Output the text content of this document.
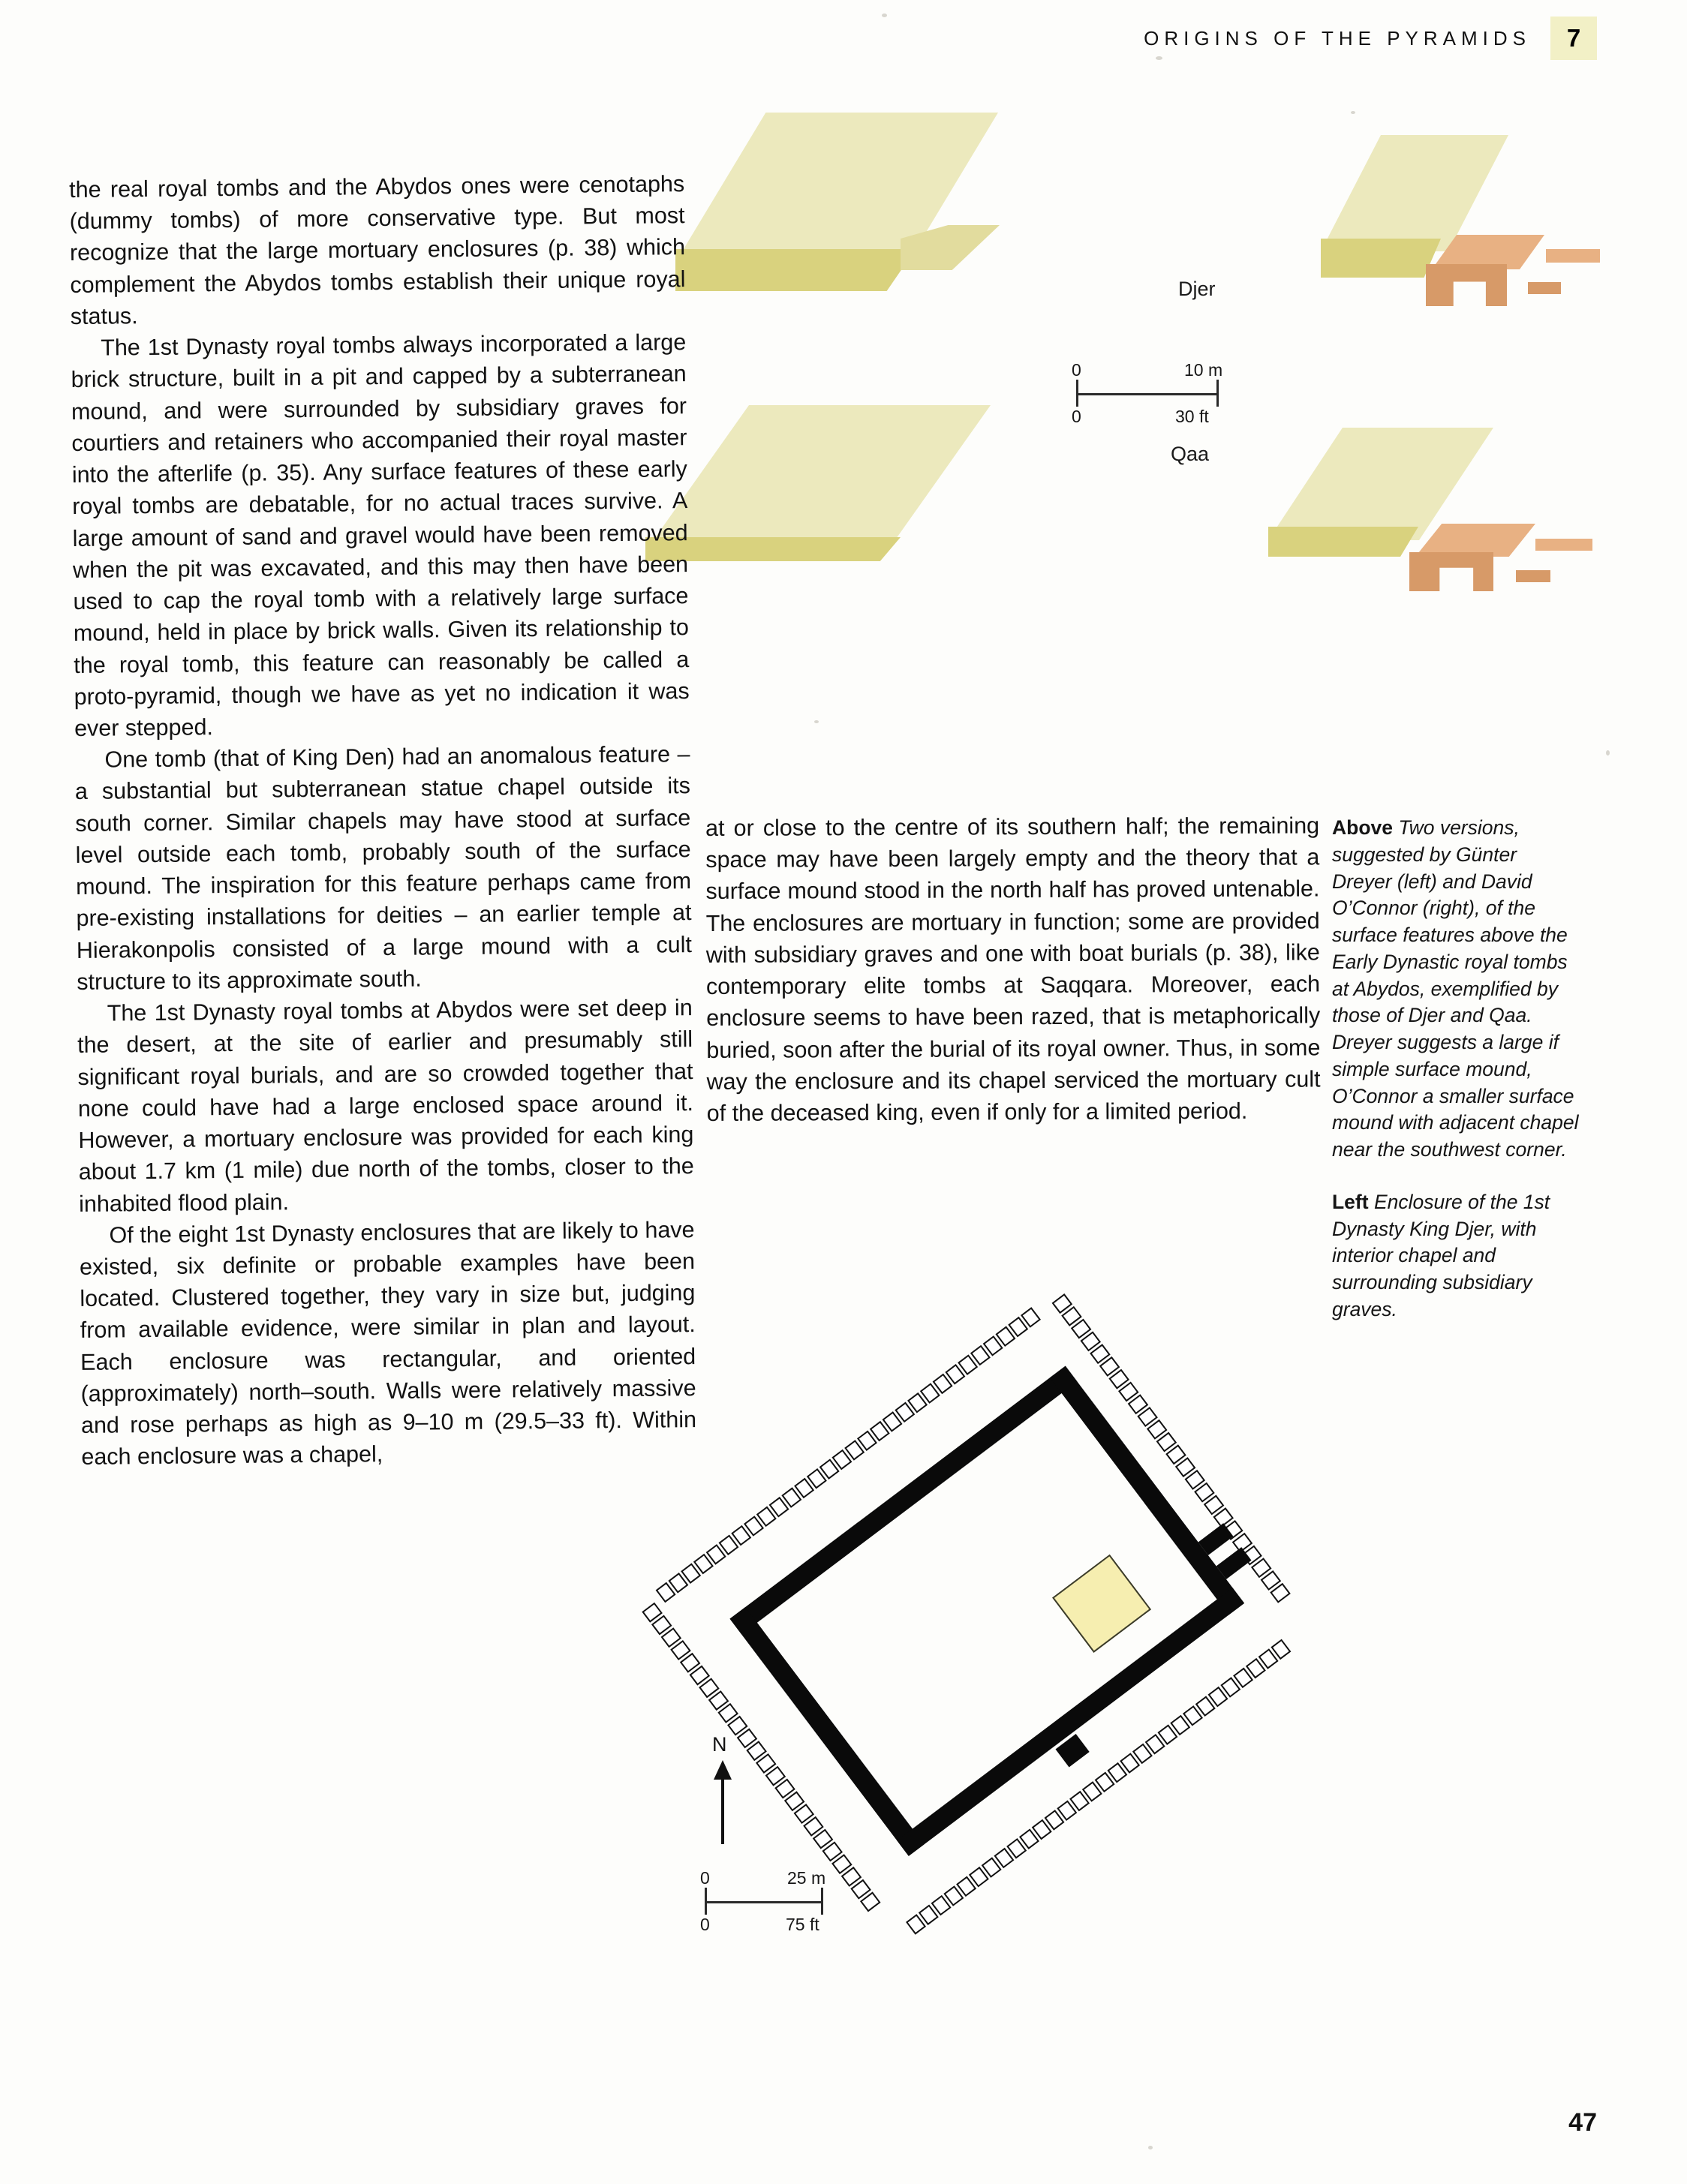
ORIGINS OF THE PYRAMIDS	7
Djer
Qaa
0	10 m
0	30 ft

the real royal tombs and the Abydos ones were cenotaphs (dummy tombs) of more conservative type. But most recognize that the large mortuary enclosures (p. 38) which complement the Abydos tombs establish their unique royal status.

The 1st Dynasty royal tombs always incorporated a large brick structure, built in a pit and capped by a subterranean mound, and were surrounded by subsidiary graves for courtiers and retainers who accompanied their royal master into the afterlife (p. 35). Any surface features of these early royal tombs are debatable, for no actual traces survive. A large amount of sand and gravel would have been removed when the pit was excavated, and this may then have been used to cap the royal tomb with a relatively large surface mound, held in place by brick walls. Given its relationship to the royal tomb, this feature can reasonably be called a proto-pyramid, though we have as yet no indication it was ever stepped.

One tomb (that of King Den) had an anomalous feature – a substantial but subterranean statue chapel outside its south corner. Similar chapels may have stood at surface level outside each tomb, probably south of the surface mound. The inspiration for this feature perhaps came from pre-existing installations for deities – an earlier temple at Hierakonpolis consisted of a large mound with a cult structure to its approximate south.

The 1st Dynasty royal tombs at Abydos were set deep in the desert, at the site of earlier and presumably still significant royal burials, and are so crowded together that none could have had a large enclosed space around it. However, a mortuary enclosure was provided for each king about 1.7 km (1 mile) due north of the tombs, closer to the inhabited flood plain.

Of the eight 1st Dynasty enclosures that are likely to have existed, six definite or probable examples have been located. Clustered together, they vary in size but, judging from available evidence, were similar in plan and layout. Each enclosure was rectangular, and oriented (approximately) north–south. Walls were relatively massive and rose perhaps as high as 9–10 m (29.5–33 ft). Within each enclosure was a chapel,

at or close to the centre of its southern half; the remaining space may have been largely empty and the theory that a surface mound stood in the north half has proved untenable. The enclosures are mortuary in function; some are provided with subsidiary graves and one with boat burials (p. 38), like contemporary elite tombs at Saqqara. Moreover, each enclosure seems to have been razed, that is metaphorically buried, soon after the burial of its royal owner. Thus, in some way the enclosure and its chapel serviced the mortuary cult of the deceased king, even if only for a limited period.

Above Two versions, suggested by Günter Dreyer (left) and David O’Connor (right), of the surface features above the Early Dynastic royal tombs at Abydos, exemplified by those of Djer and Qaa. Dreyer suggests a large if simple surface mound, O’Connor a smaller surface mound with adjacent chapel near the southwest corner.

Left Enclosure of the 1st Dynasty King Djer, with interior chapel and surrounding subsidiary graves.

N
0	25 m
0	75 ft
47
